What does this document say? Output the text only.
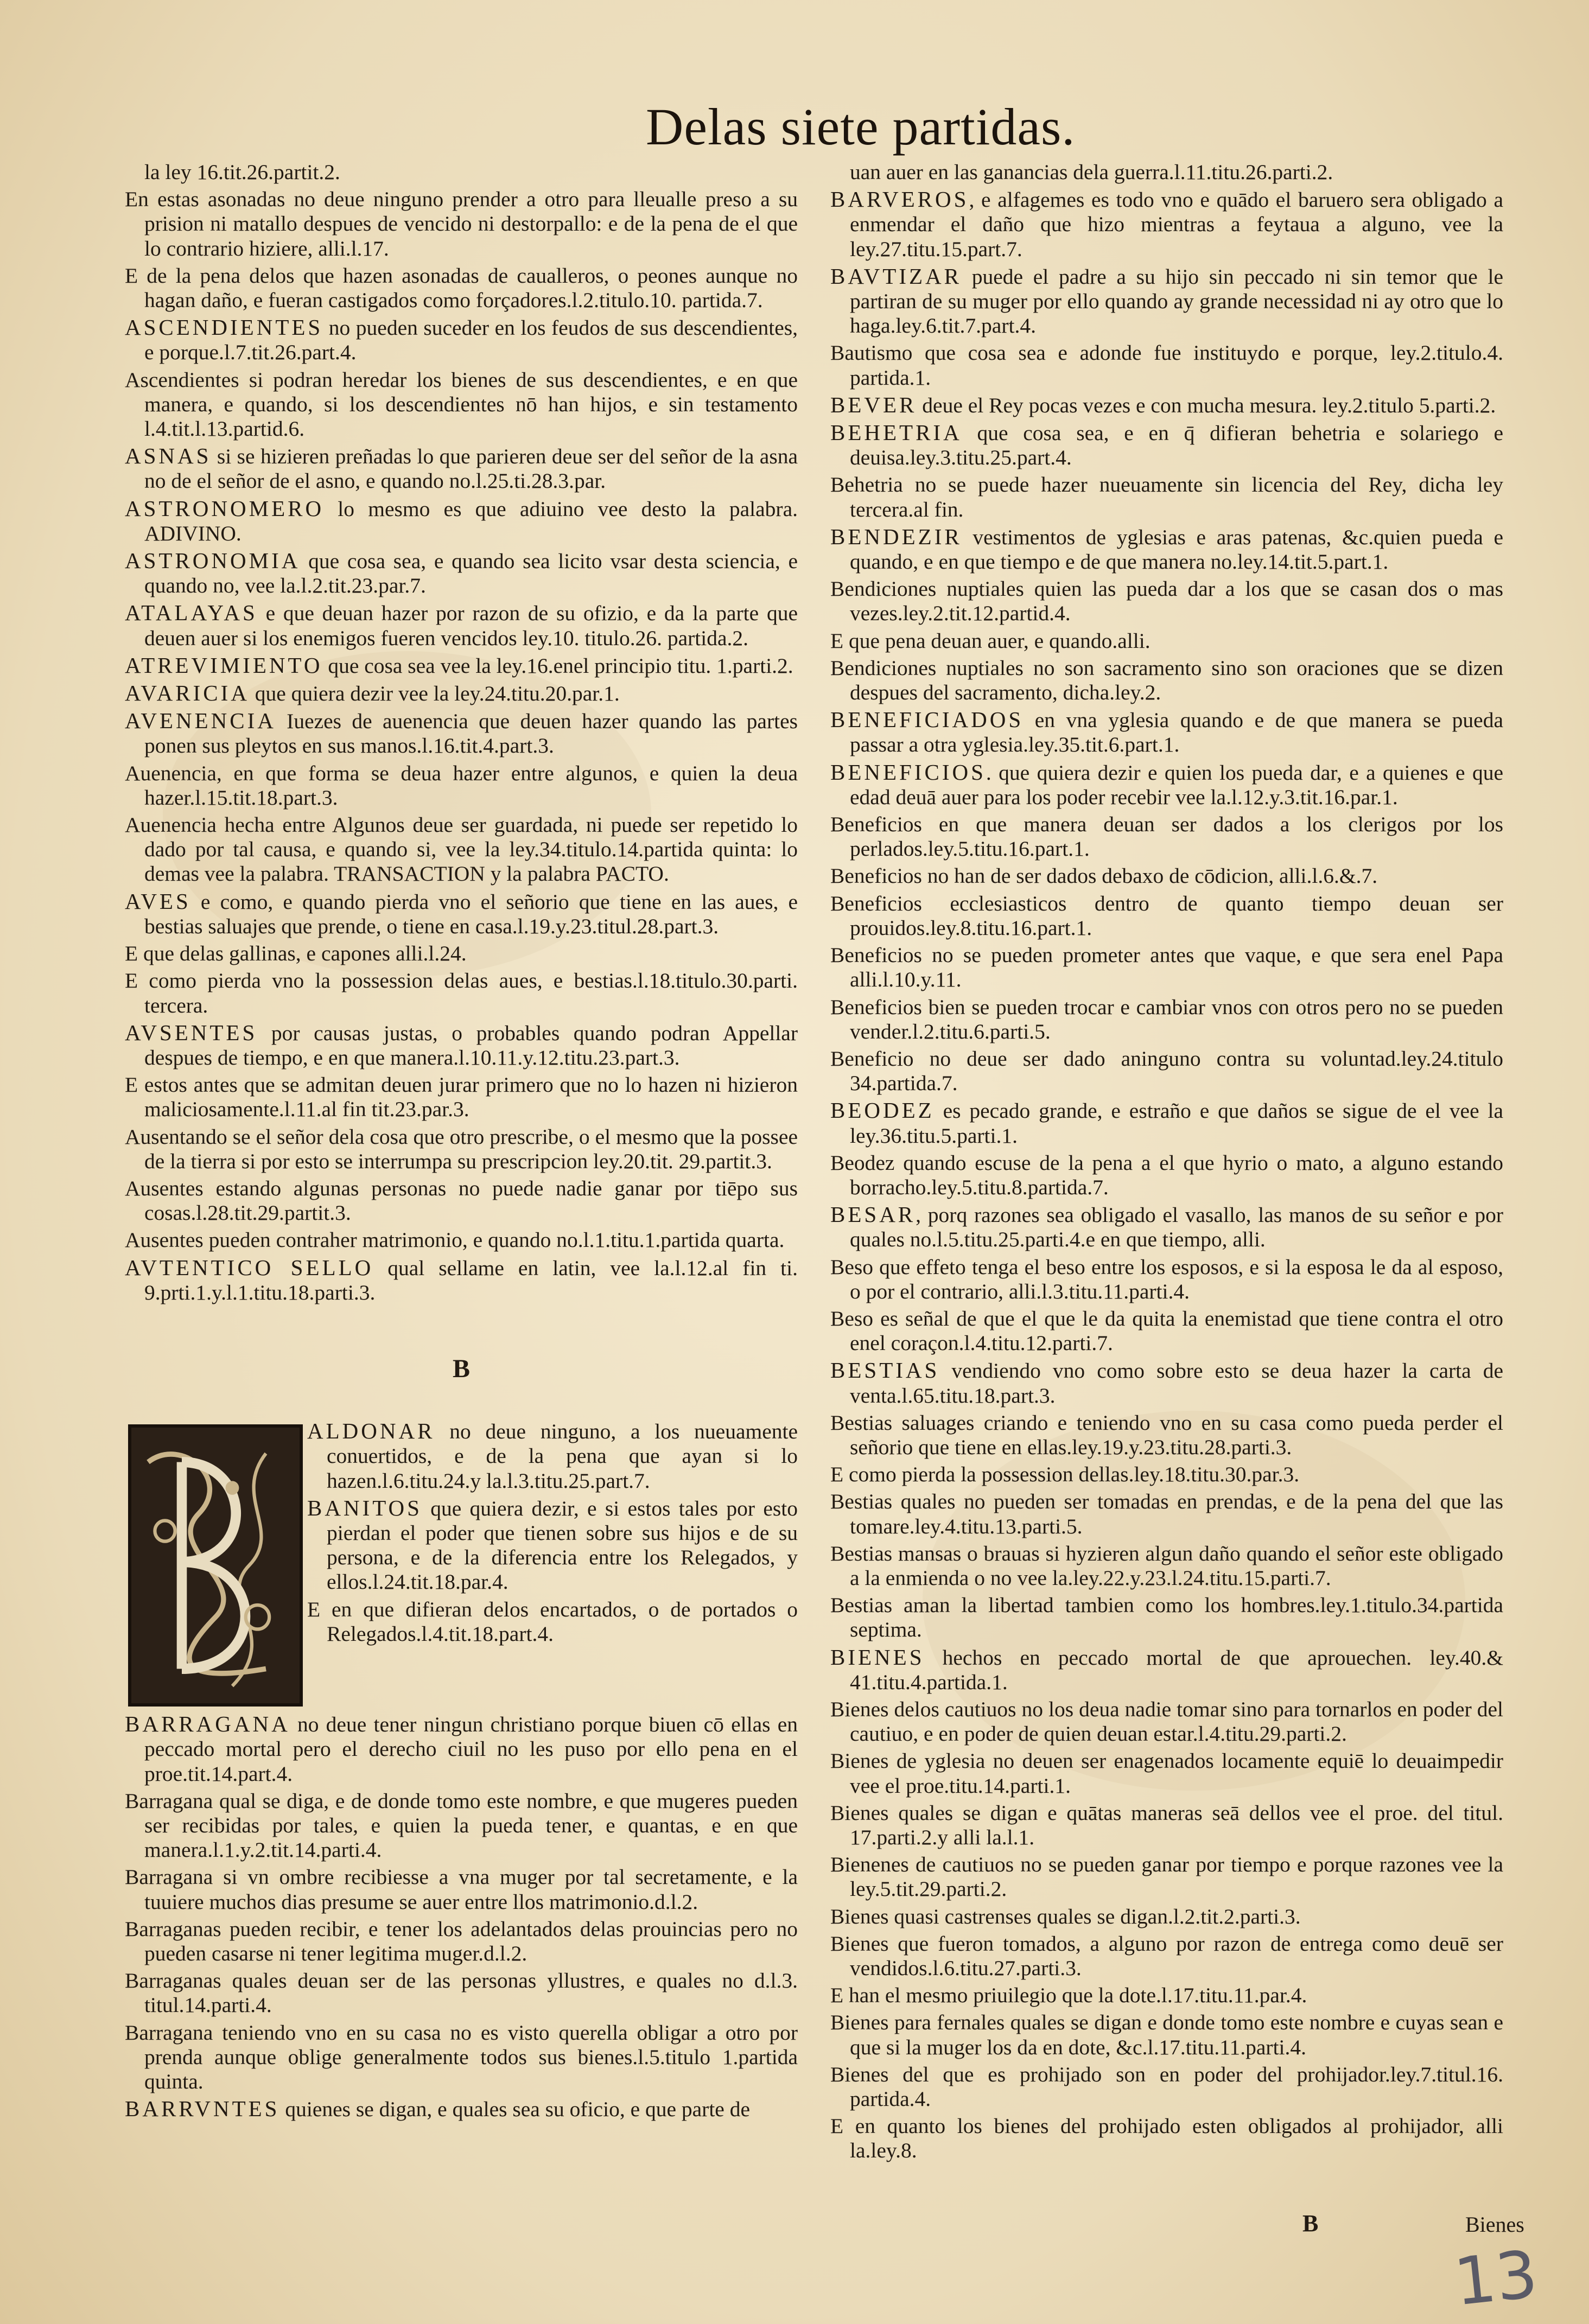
Delas siete partidas.
la ley 16.tit.26.partit.2.
En estas asonadas no deue ninguno prender a otro para lleualle preso a su prision ni matallo despues de vencido ni destorpallo: e de la pena de el que lo contrario hiziere, alli.l.17.
E de la pena delos que hazen asonadas de caualleros, o peones aunque no hagan daño, e fueran castigados como forçadores.l.2.titulo.10. partida.7.
ASCENDIENTES no pueden suceder en los feudos de sus descendientes, e porque.l.7.tit.26.part.4.
Ascendientes si podran heredar los bienes de sus descendientes, e en que manera, e quando, si los descendientes nō han hijos, e sin testamento l.4.tit.l.13.partid.6.
ASNAS si se hizieren preñadas lo que parieren deue ser del señor de la asna no de el señor de el asno, e quando no.l.25.ti.28.3.par.
ASTRONOMERO lo mesmo es que adiuino vee desto la palabra. ADIVINO.
ASTRONOMIA que cosa sea, e quando sea licito vsar desta sciencia, e quando no, vee la.l.2.tit.23.par.7.
ATALAYAS e que deuan hazer por razon de su ofizio, e da la parte que deuen auer si los enemigos fueren vencidos ley.10. titulo.26. partida.2.
ATREVIMIENTO que cosa sea vee la ley.16.enel principio titu. 1.parti.2.
AVARICIA que quiera dezir vee la ley.24.titu.20.par.1.
AVENENCIA Iuezes de auenencia que deuen hazer quando las partes ponen sus pleytos en sus manos.l.16.tit.4.part.3.
Auenencia, en que forma se deua hazer entre algunos, e quien la deua hazer.l.15.tit.18.part.3.
Auenencia hecha entre Algunos deue ser guardada, ni puede ser repetido lo dado por tal causa, e quando si, vee la ley.34.titulo.14.partida quinta: lo demas vee la palabra. TRANSACTION y la palabra PACTO.
AVES e como, e quando pierda vno el señorio que tiene en las aues, e bestias saluajes que prende, o tiene en casa.l.19.y.23.titul.28.part.3.
E que delas gallinas, e capones alli.l.24.
E como pierda vno la possession delas aues, e bestias.l.18.titulo.30.parti. tercera.
AVSENTES por causas justas, o probables quando podran Appellar despues de tiempo, e en que manera.l.10.11.y.12.titu.23.part.3.
E estos antes que se admitan deuen jurar primero que no lo hazen ni hizieron maliciosamente.l.11.al fin tit.23.par.3.
Ausentando se el señor dela cosa que otro prescribe, o el mesmo que la possee de la tierra si por esto se interrumpa su prescripcion ley.20.tit. 29.partit.3.
Ausentes estando algunas personas no puede nadie ganar por tiēpo sus cosas.l.28.tit.29.partit.3.
Ausentes pueden contraher matrimonio, e quando no.l.1.titu.1.partida quarta.
AVTENTICO SELLO qual sellame en latin, vee la.l.12.al fin ti. 9.prti.1.y.l.1.titu.18.parti.3.
B
ALDONAR no deue ninguno, a los nueuamente conuertidos, e de la pena que ayan si lo hazen.l.6.titu.24.y la.l.3.titu.25.part.7.
BANITOS que quiera dezir, e si estos tales por esto pierdan el poder que tienen sobre sus hijos e de su persona, e de la diferencia entre los Relegados, y ellos.l.24.tit.18.par.4.
E en que difieran delos encartados, o de portados o Relegados.l.4.tit.18.part.4.
BARRAGANA no deue tener ningun christiano porque biuen cō ellas en peccado mortal pero el derecho ciuil no les puso por ello pena en el proe.tit.14.part.4.
Barragana qual se diga, e de donde tomo este nombre, e que mugeres pueden ser recibidas por tales, e quien la pueda tener, e quantas, e en que manera.l.1.y.2.tit.14.parti.4.
Barragana si vn ombre recibiesse a vna muger por tal secretamente, e la tuuiere muchos dias presume se auer entre llos matrimonio.d.l.2.
Barraganas pueden recibir, e tener los adelantados delas prouincias pero no pueden casarse ni tener legitima muger.d.l.2.
Barraganas quales deuan ser de las personas yllustres, e quales no d.l.3. titul.14.parti.4.
Barragana teniendo vno en su casa no es visto querella obligar a otro por prenda aunque oblige generalmente todos sus bienes.l.5.titulo 1.partida quinta.
BARRVNTES quienes se digan, e quales sea su oficio, e que parte de
uan auer en las ganancias dela guerra.l.11.titu.26.parti.2.
BARVEROS, e alfagemes es todo vno e quādo el baruero sera obligado a enmendar el daño que hizo mientras a feytaua a alguno, vee la ley.27.titu.15.part.7.
BAVTIZAR puede el padre a su hijo sin peccado ni sin temor que le partiran de su muger por ello quando ay grande necessidad ni ay otro que lo haga.ley.6.tit.7.part.4.
Bautismo que cosa sea e adonde fue instituydo e porque, ley.2.titulo.4. partida.1.
BEVER deue el Rey pocas vezes e con mucha mesura. ley.2.titulo 5.parti.2.
BEHETRIA que cosa sea, e en q̄ difieran behetria e solariego e deuisa.ley.3.titu.25.part.4.
Behetria no se puede hazer nueuamente sin licencia del Rey, dicha ley tercera.al fin.
BENDEZIR vestimentos de yglesias e aras patenas, &c.quien pueda e quando, e en que tiempo e de que manera no.ley.14.tit.5.part.1.
Bendiciones nuptiales quien las pueda dar a los que se casan dos o mas vezes.ley.2.tit.12.partid.4.
E que pena deuan auer, e quando.alli.
Bendiciones nuptiales no son sacramento sino son oraciones que se dizen despues del sacramento, dicha.ley.2.
BENEFICIADOS en vna yglesia quando e de que manera se pueda passar a otra yglesia.ley.35.tit.6.part.1.
BENEFICIOS. que quiera dezir e quien los pueda dar, e a quienes e que edad deuā auer para los poder recebir vee la.l.12.y.3.tit.16.par.1.
Beneficios en que manera deuan ser dados a los clerigos por los perlados.ley.5.titu.16.part.1.
Beneficios no han de ser dados debaxo de cōdicion, alli.l.6.&.7.
Beneficios ecclesiasticos dentro de quanto tiempo deuan ser prouidos.ley.8.titu.16.part.1.
Beneficios no se pueden prometer antes que vaque, e que sera enel Papa alli.l.10.y.11.
Beneficios bien se pueden trocar e cambiar vnos con otros pero no se pueden vender.l.2.titu.6.parti.5.
Beneficio no deue ser dado aninguno contra su voluntad.ley.24.titulo 34.partida.7.
BEODEZ es pecado grande, e estraño e que daños se sigue de el vee la ley.36.titu.5.parti.1.
Beodez quando escuse de la pena a el que hyrio o mato, a alguno estando borracho.ley.5.titu.8.partida.7.
BESAR, porq razones sea obligado el vasallo, las manos de su señor e por quales no.l.5.titu.25.parti.4.e en que tiempo, alli.
Beso que effeto tenga el beso entre los esposos, e si la esposa le da al esposo, o por el contrario, alli.l.3.titu.11.parti.4.
Beso es señal de que el que le da quita la enemistad que tiene contra el otro enel coraçon.l.4.titu.12.parti.7.
BESTIAS vendiendo vno como sobre esto se deua hazer la carta de venta.l.65.titu.18.part.3.
Bestias saluages criando e teniendo vno en su casa como pueda perder el señorio que tiene en ellas.ley.19.y.23.titu.28.parti.3.
E como pierda la possession dellas.ley.18.titu.30.par.3.
Bestias quales no pueden ser tomadas en prendas, e de la pena del que las tomare.ley.4.titu.13.parti.5.
Bestias mansas o brauas si hyzieren algun daño quando el señor este obligado a la enmienda o no vee la.ley.22.y.23.l.24.titu.15.parti.7.
Bestias aman la libertad tambien como los hombres.ley.1.titulo.34.partida septima.
BIENES hechos en peccado mortal de que aprouechen. ley.40.& 41.titu.4.partida.1.
Bienes delos cautiuos no los deua nadie tomar sino para tornarlos en poder del cautiuo, e en poder de quien deuan estar.l.4.titu.29.parti.2.
Bienes de yglesia no deuen ser enagenados locamente equiē lo deuaimpedir vee el proe.titu.14.parti.1.
Bienes quales se digan e quātas maneras seā dellos vee el proe. del titul. 17.parti.2.y alli la.l.1.
Bienenes de cautiuos no se pueden ganar por tiempo e porque razones vee la ley.5.tit.29.parti.2.
Bienes quasi castrenses quales se digan.l.2.tit.2.parti.3.
Bienes que fueron tomados, a alguno por razon de entrega como deuē ser vendidos.l.6.titu.27.parti.3.
E han el mesmo priuilegio que la dote.l.17.titu.11.par.4.
Bienes para fernales quales se digan e donde tomo este nombre e cuyas sean e que si la muger los da en dote, &c.l.17.titu.11.parti.4.
Bienes del que es prohijado son en poder del prohijador.ley.7.titul.16. partida.4.
E en quanto los bienes del prohijado esten obligados al prohijador, alli la.ley.8.
B	Bienes
13
